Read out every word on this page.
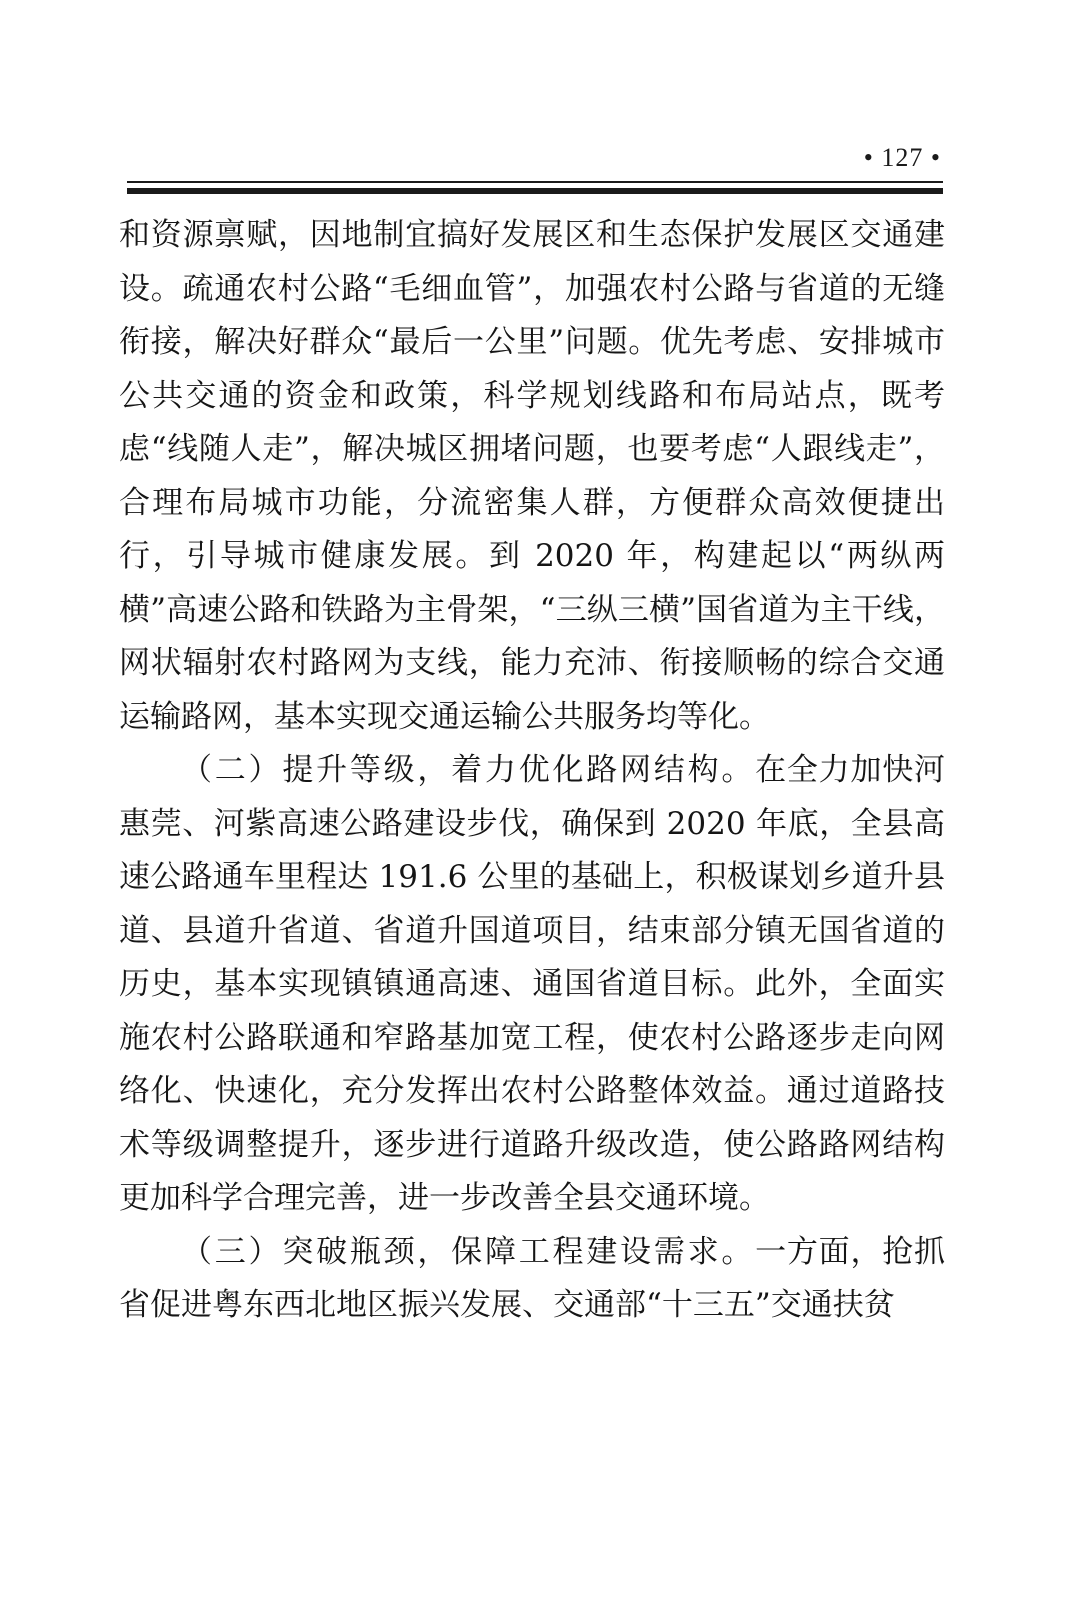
• 127 •

和资源禀赋，因地制宜搞好发展区和生态保护发展区交通建设。疏通农村公路“毛细血管”，加强农村公路与省道的无缝衔接，解决好群众“最后一公里”问题。优先考虑、安排城市公共交通的资金和政策，科学规划线路和布局站点，既考虑“线随人走”，解决城区拥堵问题，也要考虑“人跟线走”，合理布局城市功能，分流密集人群，方便群众高效便捷出行，引导城市健康发展。到 2020 年，构建起以“两纵两横”高速公路和铁路为主骨架，“三纵三横”国省道为主干线，网状辐射农村路网为支线，能力充沛、衔接顺畅的综合交通运输路网，基本实现交通运输公共服务均等化。

（二）提升等级，着力优化路网结构。在全力加快河惠莞、河紫高速公路建设步伐，确保到 2020 年底，全县高速公路通车里程达 191.6 公里的基础上，积极谋划乡道升县道、县道升省道、省道升国道项目，结束部分镇无国省道的历史，基本实现镇镇通高速、通国省道目标。此外，全面实施农村公路联通和窄路基加宽工程，使农村公路逐步走向网络化、快速化，充分发挥出农村公路整体效益。通过道路技术等级调整提升，逐步进行道路升级改造，使公路路网结构更加科学合理完善，进一步改善全县交通环境。

（三）突破瓶颈，保障工程建设需求。一方面，抢抓省促进粤东西北地区振兴发展、交通部“十三五”交通扶贫
